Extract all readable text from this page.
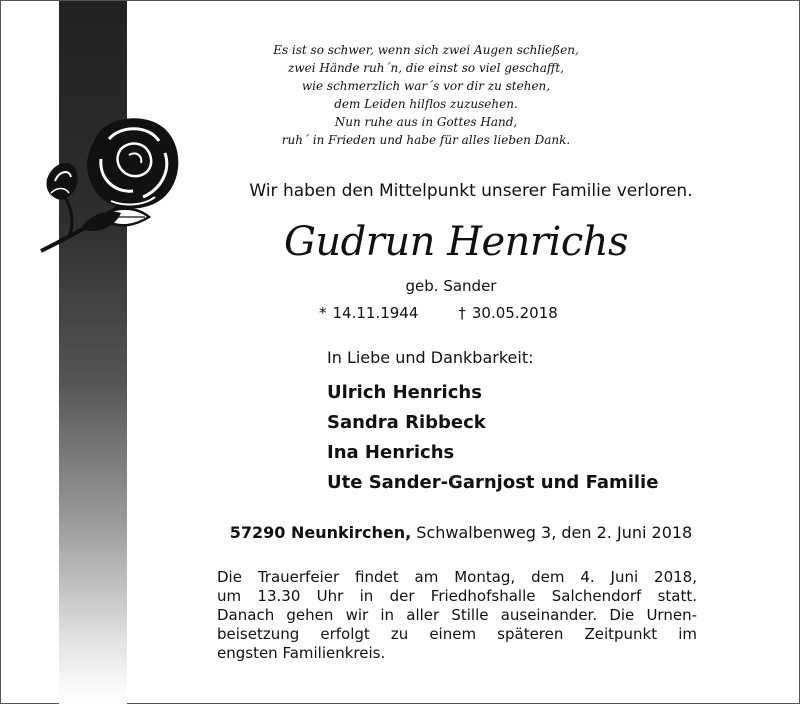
Es ist so schwer, wenn sich zwei Augen schließen,
zwei Hände ruh´n, die einst so viel geschafft,
wie schmerzlich war´s vor dir zu stehen,
dem Leiden hilflos zuzusehen.
Nun ruhe aus in Gottes Hand,
ruh´ in Frieden und habe für alles lieben Dank.
Wir haben den Mittelpunkt unserer Familie verloren.
Gudrun Henrichs
geb. Sander
* 14.11.1944	† 30.05.2018
In Liebe und Dankbarkeit:
Ulrich Henrichs
Sandra Ribbeck
Ina Henrichs
Ute Sander-Garnjost und Familie
57290 Neunkirchen, Schwalbenweg 3, den 2. Juni 2018
Die Trauerfeier findet am Montag, dem 4. Juni 2018,
um 13.30 Uhr in der Friedhofshalle Salchendorf statt.
Danach gehen wir in aller Stille auseinander. Die Urnen-
beisetzung erfolgt zu einem späteren Zeitpunkt im
engsten Familienkreis.
